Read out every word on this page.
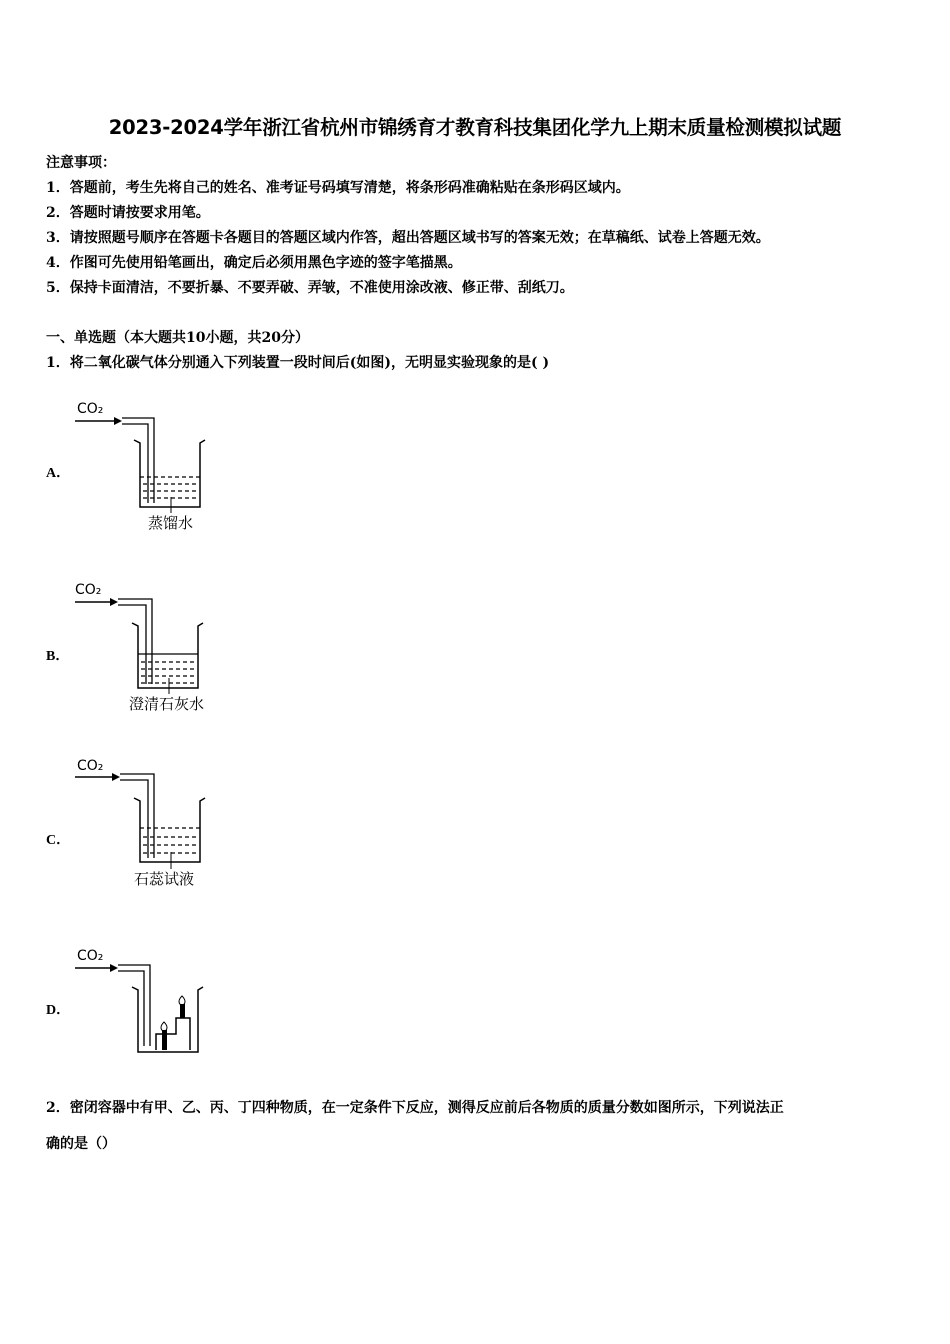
2023-2024学年浙江省杭州市锦绣育才教育科技集团化学九上期末质量检测模拟试题
注意事项：
1．答题前，考生先将自己的姓名、准考证号码填写清楚，将条形码准确粘贴在条形码区域内。
2．答题时请按要求用笔。
3．请按照题号顺序在答题卡各题目的答题区域内作答，超出答题区域书写的答案无效；在草稿纸、试卷上答题无效。
4．作图可先使用铅笔画出，确定后必须用黑色字迹的签字笔描黑。
5．保持卡面清洁，不要折暴、不要弄破、弄皱，不准使用涂改液、修正带、刮纸刀。
一、单选题（本大题共10小题，共20分）
1．将二氧化碳气体分别通入下列装置一段时间后(如图)，无明显实验现象的是( )
A．
CO₂
蒸馏水
B．
CO₂
澄清石灰水
C．
CO₂
石蕊试液
D．
CO₂
2．密闭容器中有甲、乙、丙、丁四种物质，在一定条件下反应，测得反应前后各物质的质量分数如图所示，下列说法正
确的是（）
